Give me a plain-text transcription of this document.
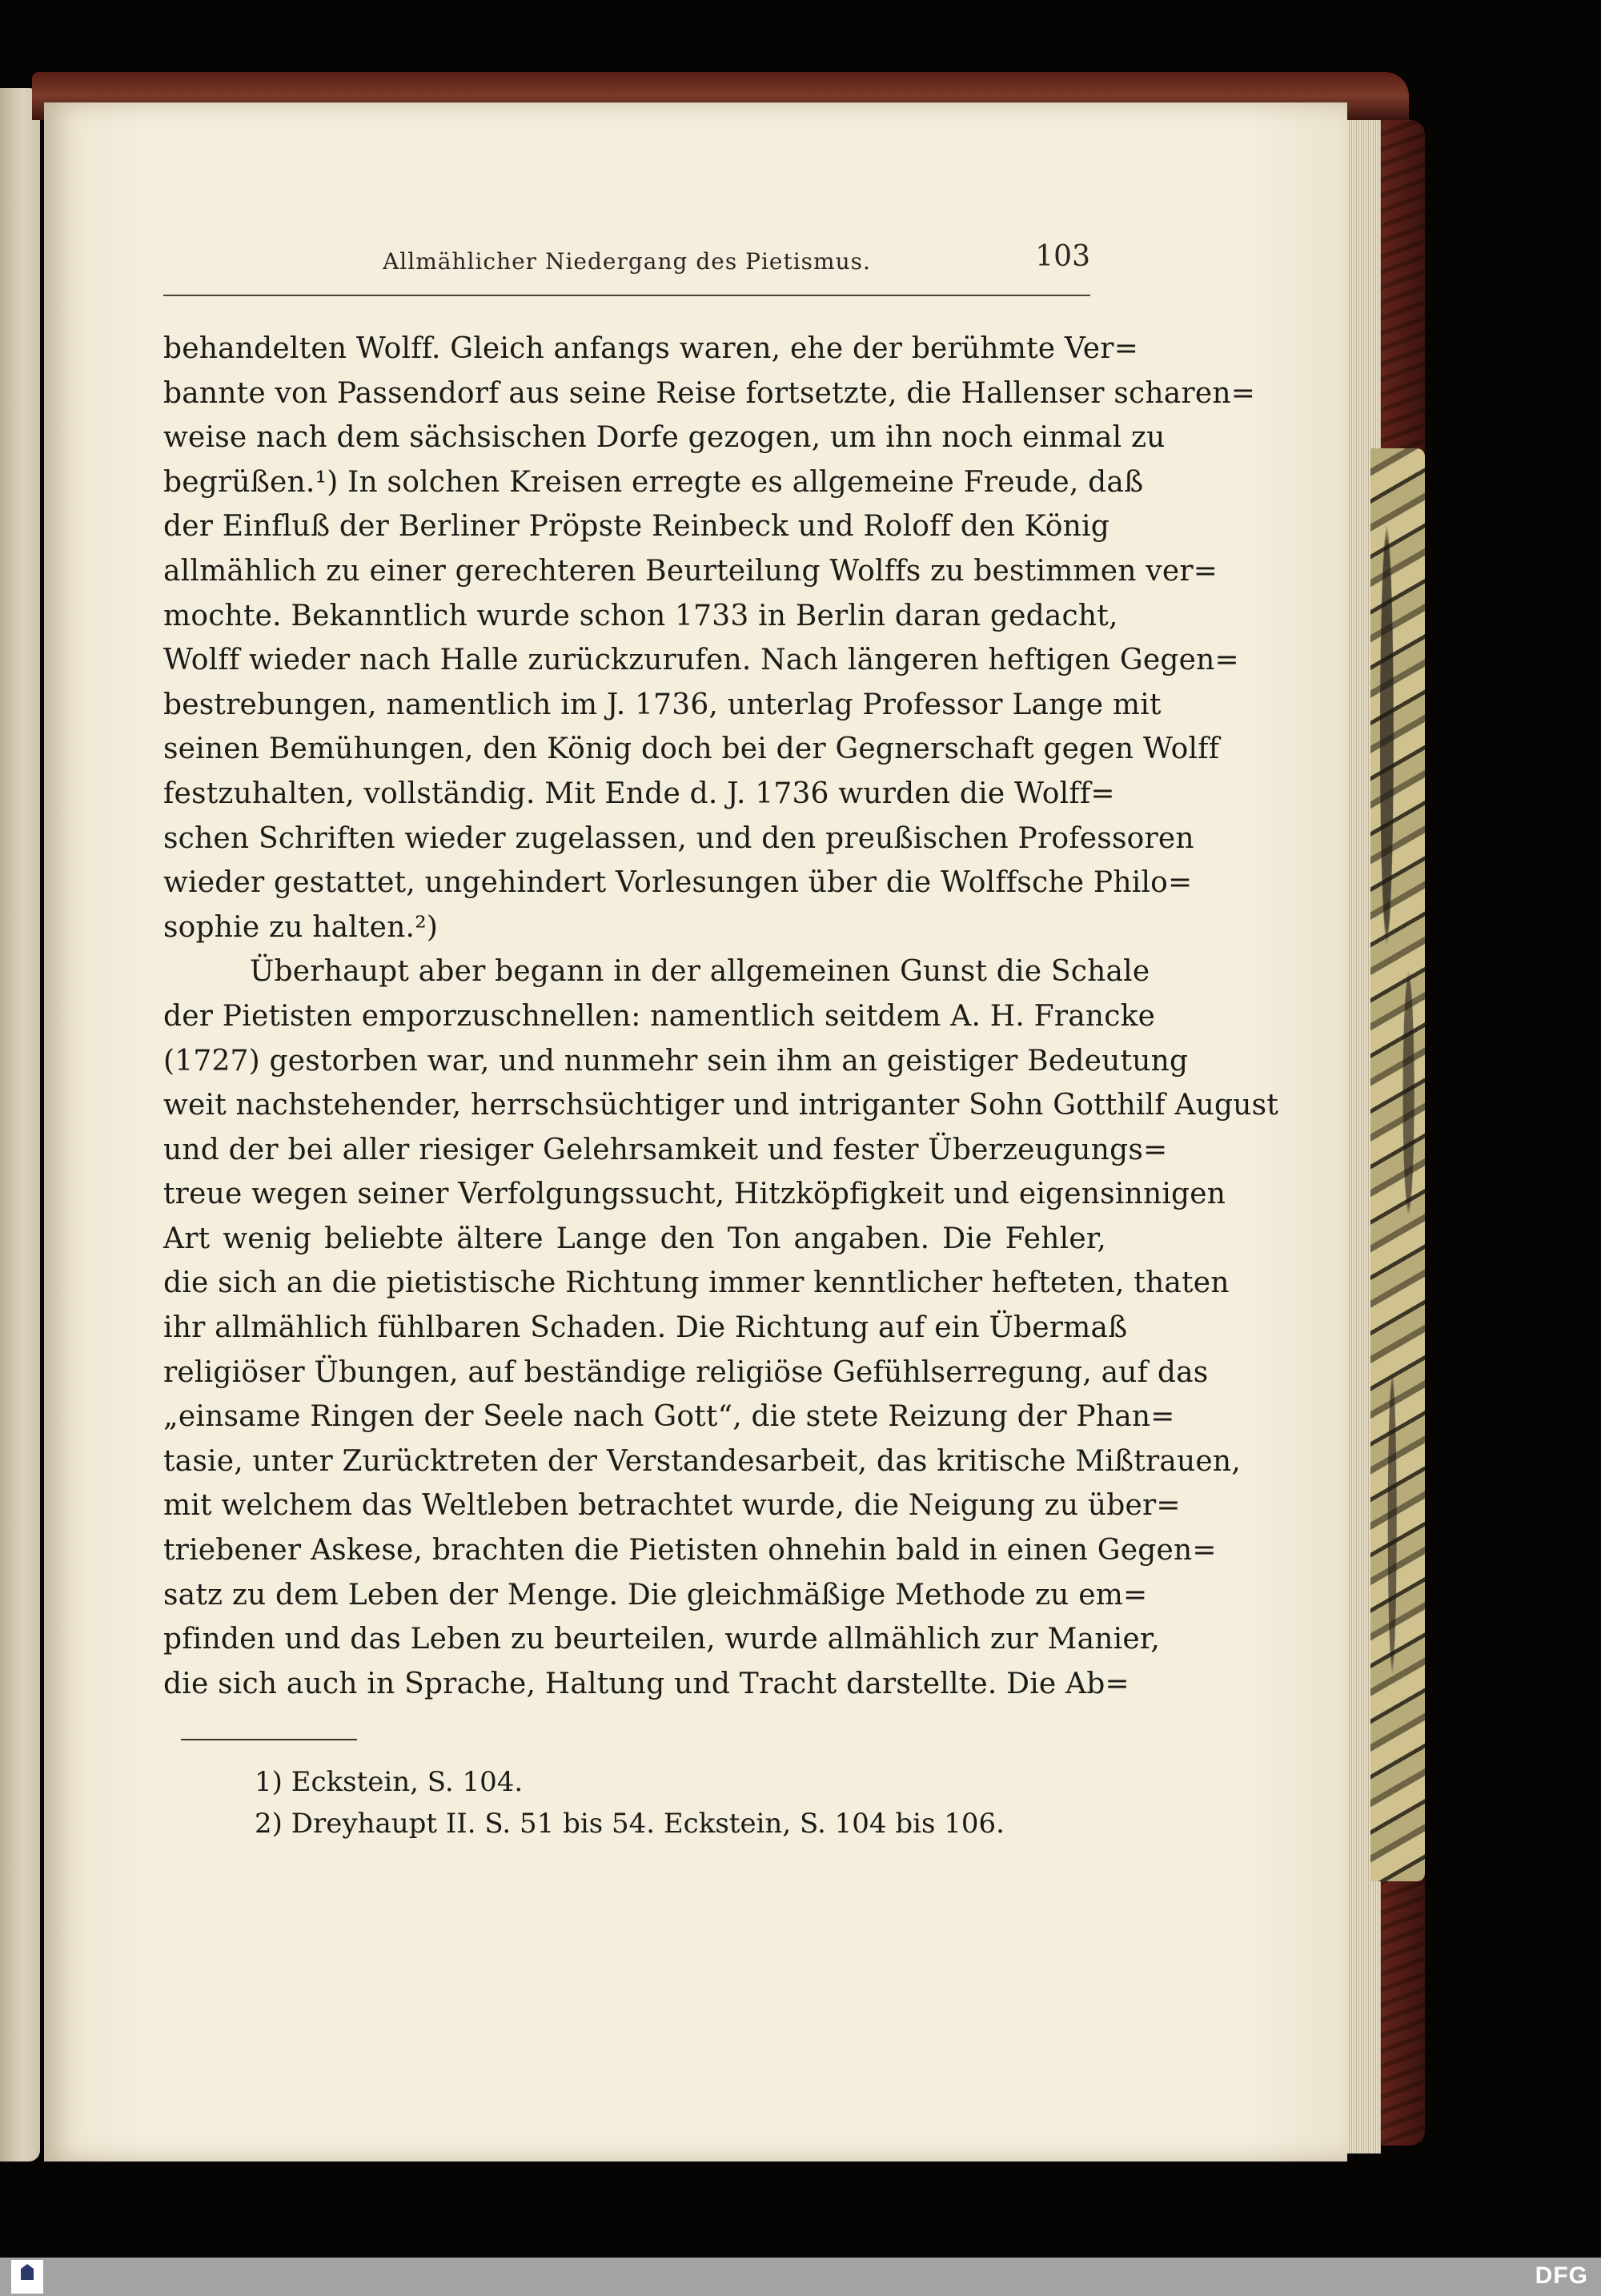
Allmählicher Niedergang des Pietismus.	103
behandelten Wolff. Gleich anfangs waren, ehe der berühmte Ver=
bannte von Passendorf aus seine Reise fortsetzte, die Hallenser scharen=
weise nach dem sächsischen Dorfe gezogen, um ihn noch einmal zu
begrüßen.¹) In solchen Kreisen erregte es allgemeine Freude, daß
der Einfluß der Berliner Pröpste Reinbeck und Roloff den König
allmählich zu einer gerechteren Beurteilung Wolffs zu bestimmen ver=
mochte. Bekanntlich wurde schon 1733 in Berlin daran gedacht,
Wolff wieder nach Halle zurückzurufen. Nach längeren heftigen Gegen=
bestrebungen, namentlich im J. 1736, unterlag Professor Lange mit
seinen Bemühungen, den König doch bei der Gegnerschaft gegen Wolff
festzuhalten, vollständig. Mit Ende d. J. 1736 wurden die Wolff=
schen Schriften wieder zugelassen, und den preußischen Professoren
wieder gestattet, ungehindert Vorlesungen über die Wolffsche Philo=
sophie zu halten.²)
Überhaupt aber begann in der allgemeinen Gunst die Schale
der Pietisten emporzuschnellen: namentlich seitdem A. H. Francke
(1727) gestorben war, und nunmehr sein ihm an geistiger Bedeutung
weit nachstehender, herrschsüchtiger und intriganter Sohn Gotthilf August
und der bei aller riesiger Gelehrsamkeit und fester Überzeugungs=
treue wegen seiner Verfolgungssucht, Hitzköpfigkeit und eigensinnigen
Art wenig beliebte ältere Lange den Ton angaben. Die Fehler,
die sich an die pietistische Richtung immer kenntlicher hefteten, thaten
ihr allmählich fühlbaren Schaden. Die Richtung auf ein Übermaß
religiöser Übungen, auf beständige religiöse Gefühlserregung, auf das
„einsame Ringen der Seele nach Gott“, die stete Reizung der Phan=
tasie, unter Zurücktreten der Verstandesarbeit, das kritische Mißtrauen,
mit welchem das Weltleben betrachtet wurde, die Neigung zu über=
triebener Askese, brachten die Pietisten ohnehin bald in einen Gegen=
satz zu dem Leben der Menge. Die gleichmäßige Methode zu em=
pfinden und das Leben zu beurteilen, wurde allmählich zur Manier,
die sich auch in Sprache, Haltung und Tracht darstellte. Die Ab=
1) Eckstein, S. 104.
2) Dreyhaupt II. S. 51 bis 54. Eckstein, S. 104 bis 106.
DFG
